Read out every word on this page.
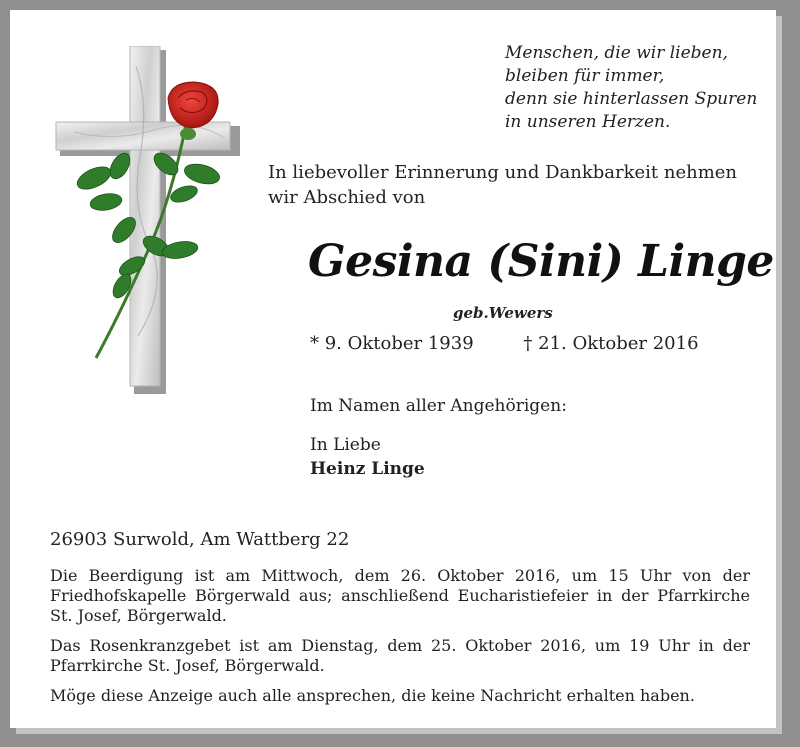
Menschen, die wir lieben,
bleiben für immer,
denn sie hinterlassen Spuren
in unseren Herzen.
In liebevoller Erinnerung und Dankbarkeit nehmen
wir Abschied von
Gesina (Sini) Linge
geb.Wewers
* 9. Oktober 1939	† 21. Oktober 2016
Im Namen aller Angehörigen:
In Liebe
Heinz Linge
26903 Surwold, Am Wattberg 22
Die Beerdigung ist am Mittwoch, dem 26. Oktober 2016, um 15 Uhr von der Friedhofskapelle Börgerwald aus; anschließend Eucharistiefeier in der Pfarrkirche St. Josef, Börgerwald.
Das Rosenkranzgebet ist am Dienstag, dem 25. Oktober 2016, um 19 Uhr in der Pfarrkirche St. Josef, Börgerwald.
Möge diese Anzeige auch alle ansprechen, die keine Nachricht erhalten haben.
